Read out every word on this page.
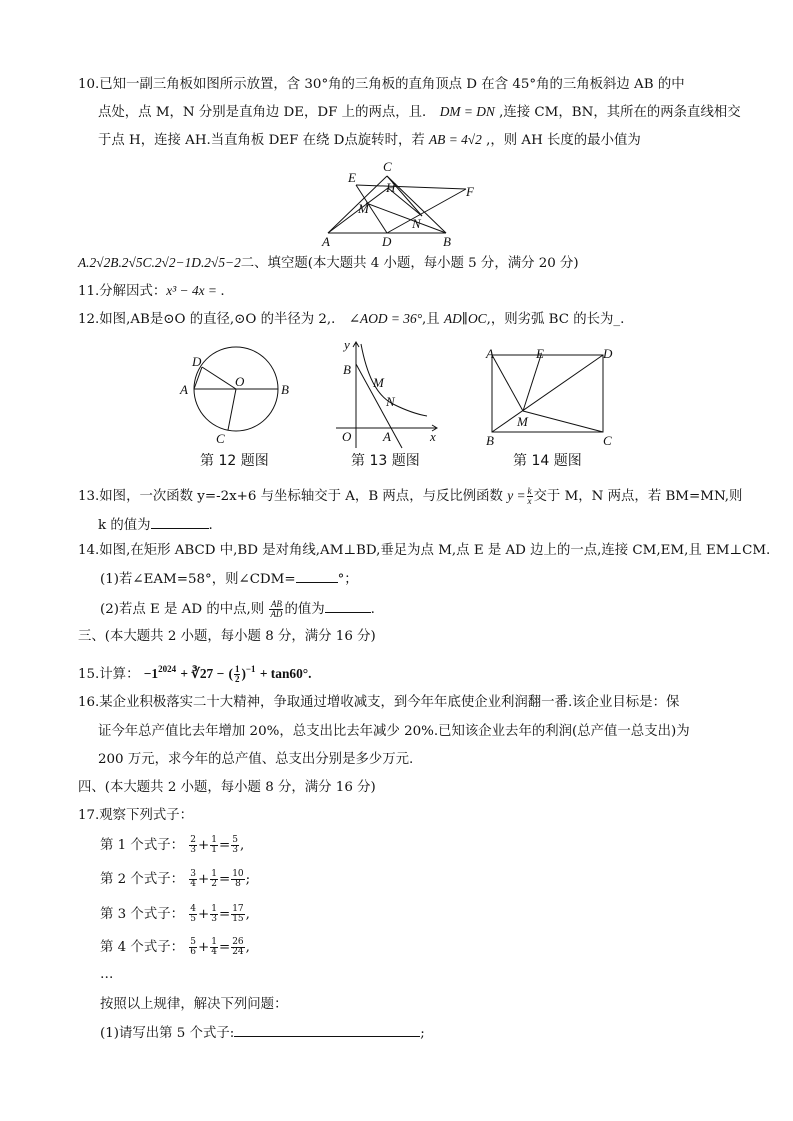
10.已知一副三角板如图所示放置，含 30°角的三角板的直角顶点 D 在含 45°角的三角板斜边 AB 的中
点处，点 M，N 分别是直角边 DE，DF 上的两点，且． DM = DN ,连接 CM，BN，其所在的两条直线相交
于点 H，连接 AH.当直角板 DEF 在绕 D点旋转时，若 AB = 4√2 ,，则 AH 长度的最小值为
A	B
C
D
E
F
H
M
N
A.2√2B.2√5C.2√2−1D.2√5−2二、填空题(本大题共 4 小题，每小题 5 分，满分 20 分)
11.分解因式：x³ − 4x = .
12.如图,AB是⊙O 的直径,⊙O 的半径为 2,． ∠AOD = 36°,且 AD∥OC,，则劣弧 BC 的长为_.
D
A
O
B
C
第 12 题图
y
B
M
N
O A	x
第 13 题图
A	E	D
M
B	C
第 14 题图
13.如图，一次函数 y=-2x+6 与坐标轴交于 A，B 两点，与反比例函数 $y = \frac{k}{x}$ 交于 M，N 两点，若 BM=MN,则
k 的值为	.
14.如图,在矩形 ABCD 中,BD 是对角线,AM⊥BD,垂足为点 M,点 E 是 AD 边上的一点,连接 CM,EM,且 EM⊥CM.
(1)若∠EAM=58°，则∠CDM=	°；
(2)若点 E 是 AD 的中点,则 $\frac{AB}{AD}$ 的值为	.
三、(本大题共 2 小题，每小题 8 分，满分 16 分)
15.计算： $-1^{2024}$ + ∛27 − ( $\frac{1}{2} )^{-1} + \tan 60^\circ$.
16.某企业积极落实二十大精神，争取通过增收减支，到今年年底使企业利润翻一番.该企业目标是：保
证今年总产值比去年增加 20%，总支出比去年减少 20%.已知该企业去年的利润(总产值一总支出)为
200 万元，求今年的总产值、总支出分别是多少万元.
四、(本大题共 2 小题，每小题 8 分，满分 16 分)
17.观察下列式子：
第 1 个式子： $\frac{2}{3} + \frac{1}{1} = \frac{5}{3}$ ,
第 2 个式子： $\frac{3}{4} + \frac{1}{2} = \frac{10}{8}$ ;
第 3 个式子： $\frac{4}{5} + \frac{1}{3} = \frac{17}{15}$ ,
第 4 个式子： $\frac{5}{6} + \frac{1}{4} = \frac{26}{24}$ ,
…
按照以上规律，解决下列问题：
(1)请写出第 5 个式子:	;
